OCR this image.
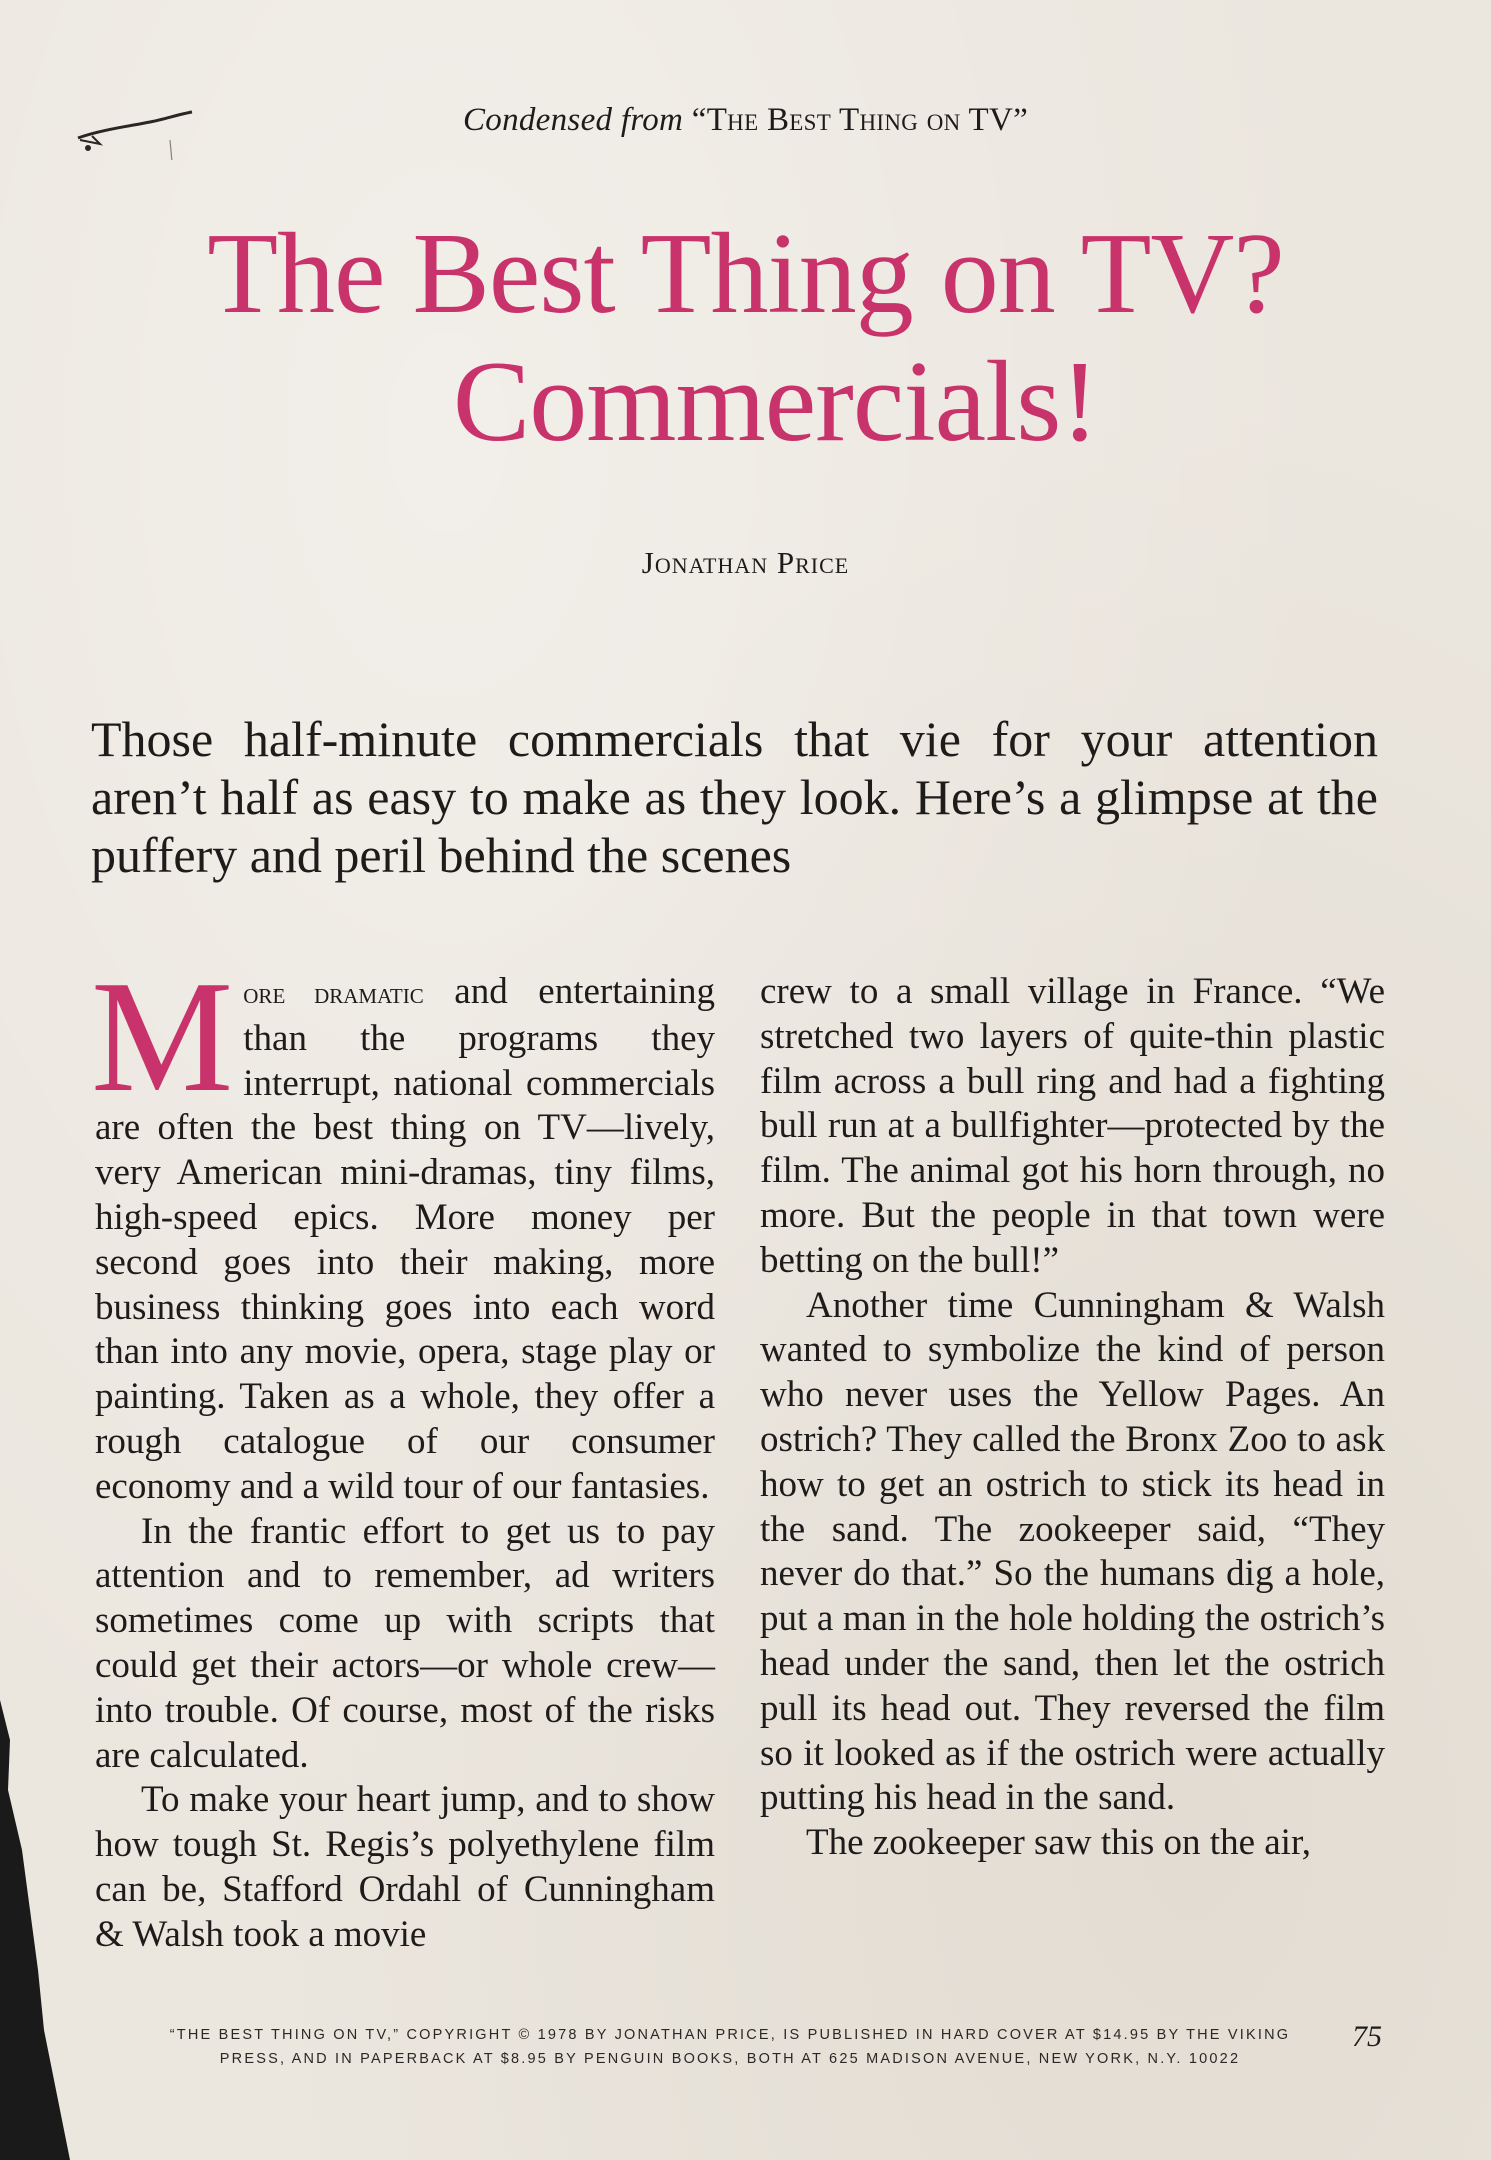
Condensed from “The Best Thing on TV”
The Best Thing on TV?
Commercials!
Jonathan Price
Those half-minute commercials that vie for your attention aren’t half as easy to make as they look. Here’s a glimpse at the puffery and peril behind the scenes

More dramatic and entertaining than the programs they interrupt, national commercials are often the best thing on TV—lively, very American mini-dramas, tiny films, high-speed epics. More money per second goes into their making, more business thinking goes into each word than into any movie, opera, stage play or painting. Taken as a whole, they offer a rough catalogue of our consumer economy and a wild tour of our fantasies.

In the frantic effort to get us to pay attention and to remember, ad writers sometimes come up with scripts that could get their actors—or whole crew—into trouble. Of course, most of the risks are calculated.

To make your heart jump, and to show how tough St. Regis’s polyethylene film can be, Stafford Ordahl of Cunningham & Walsh took a movie

crew to a small village in France. “We stretched two layers of quite-thin plastic film across a bull ring and had a fighting bull run at a bullfighter—protected by the film. The animal got his horn through, no more. But the people in that town were betting on the bull!”

Another time Cunningham & Walsh wanted to symbolize the kind of person who never uses the Yellow Pages. An ostrich? They called the Bronx Zoo to ask how to get an ostrich to stick its head in the sand. The zookeeper said, “They never do that.” So the humans dig a hole, put a man in the hole holding the ostrich’s head under the sand, then let the ostrich pull its head out. They reversed the film so it looked as if the ostrich were actually putting his head in the sand.

The zookeeper saw this on the air,

“THE BEST THING ON TV,” COPYRIGHT © 1978 BY JONATHAN PRICE, IS PUBLISHED IN HARD COVER AT $14.95 BY THE VIKING
PRESS, AND IN PAPERBACK AT $8.95 BY PENGUIN BOOKS, BOTH AT 625 MADISON AVENUE, NEW YORK, N.Y. 10022
75
